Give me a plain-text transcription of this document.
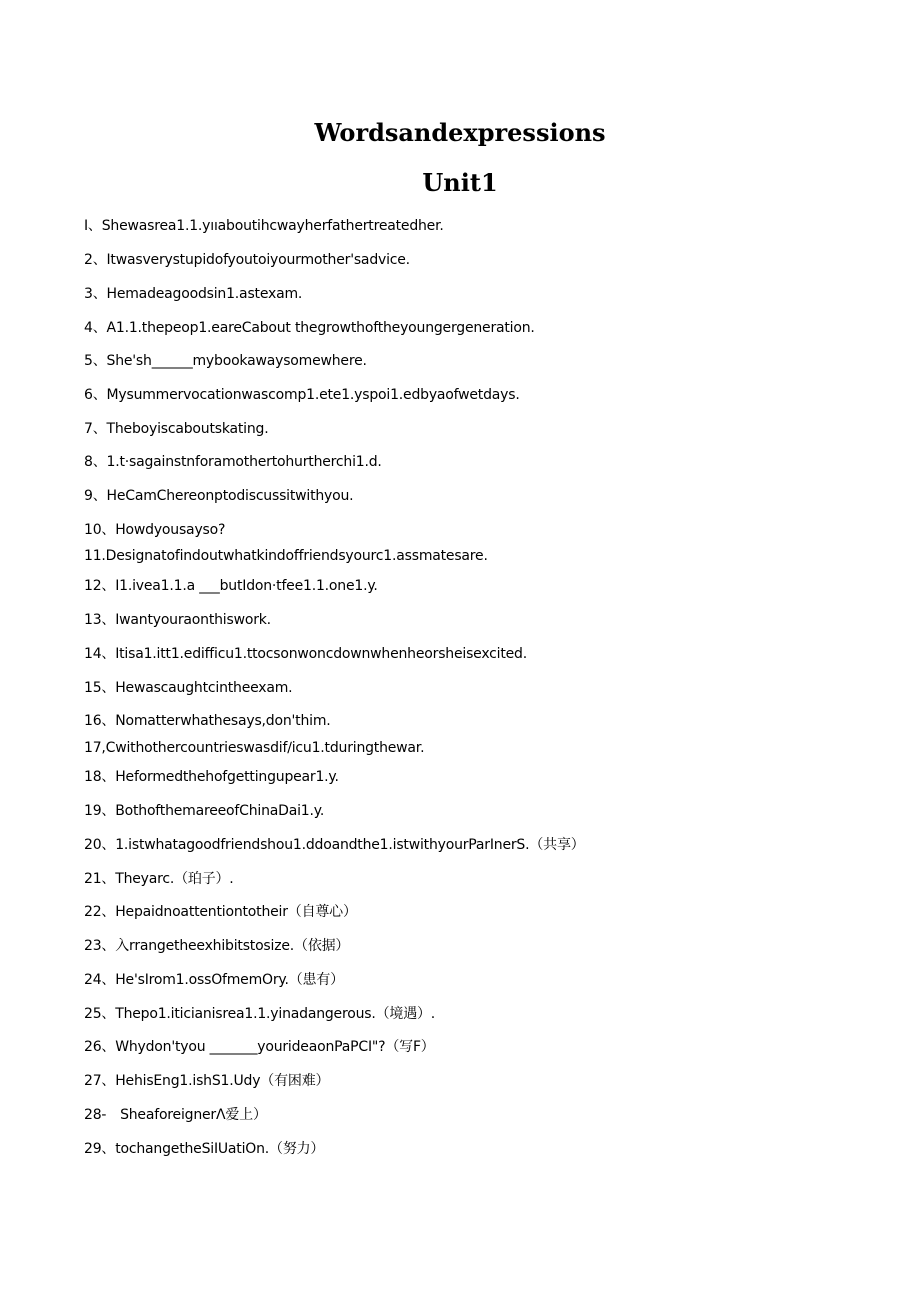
Wordsandexpressions
Unit1
I、Shewasrea1.1.yııaboutihcwayherfathertreatedher.
2、Itwasverystupidofyoutoiyourmother'sadvice.
3、Hemadeagoodsin1.astexam.
4、A1.1.thepeop1.eareCabout thegrowthoftheyoungergeneration.
5、She'sh______mybookawaysomewhere.
6、Mysummervocationwascomp1.ete1.yspoi1.edbyaofwetdays.
7、Theboyiscaboutskating.
8、1.t·sagainstnforamothertohurtherchi1.d.
9、HeCamChereonptodiscussitwithyou.
10、Howdyousayso?
11.Designatofindoutwhatkindoffriendsyourc1.assmatesare.
12、I1.ivea1.1.a ___butIdon·tfee1.1.one1.y.
13、Iwantyouraonthiswork.
14、Itisa1.itt1.edifficu1.ttocsonwoncdownwhenheorsheisexcited.
15、Hewascaughtcintheexam.
16、Nomatterwhathesays,don'thim.
17,Cwithothercountrieswasdif∕icu1.tduringthewar.
18、Heformedthehofgettingupear1.y.
19、BothofthemareeofChinaDai1.y.
20、1.istwhatagoodfriendshou1.ddoandthe1.istwithyourParInerS.（共享）
21、Theyarc.（珀子）.
22、Hepaidnoattentiontotheir（自尊心）
23、入rrangetheexhibitstosize.（依据）
24、He'sIrom1.ossOfmemOry.（患有）
25、Thepo1.iticianisrea1.1.yinadangerous.（境遇）.
26、Whydon'tyou _______yourideaonPaPCI"?（写F）
27、HehisEng1.ishS1.Udy（有困难）
28-　SheaforeignerΛ爱上）
29、tochangetheSiIUatiOn.（努力）
